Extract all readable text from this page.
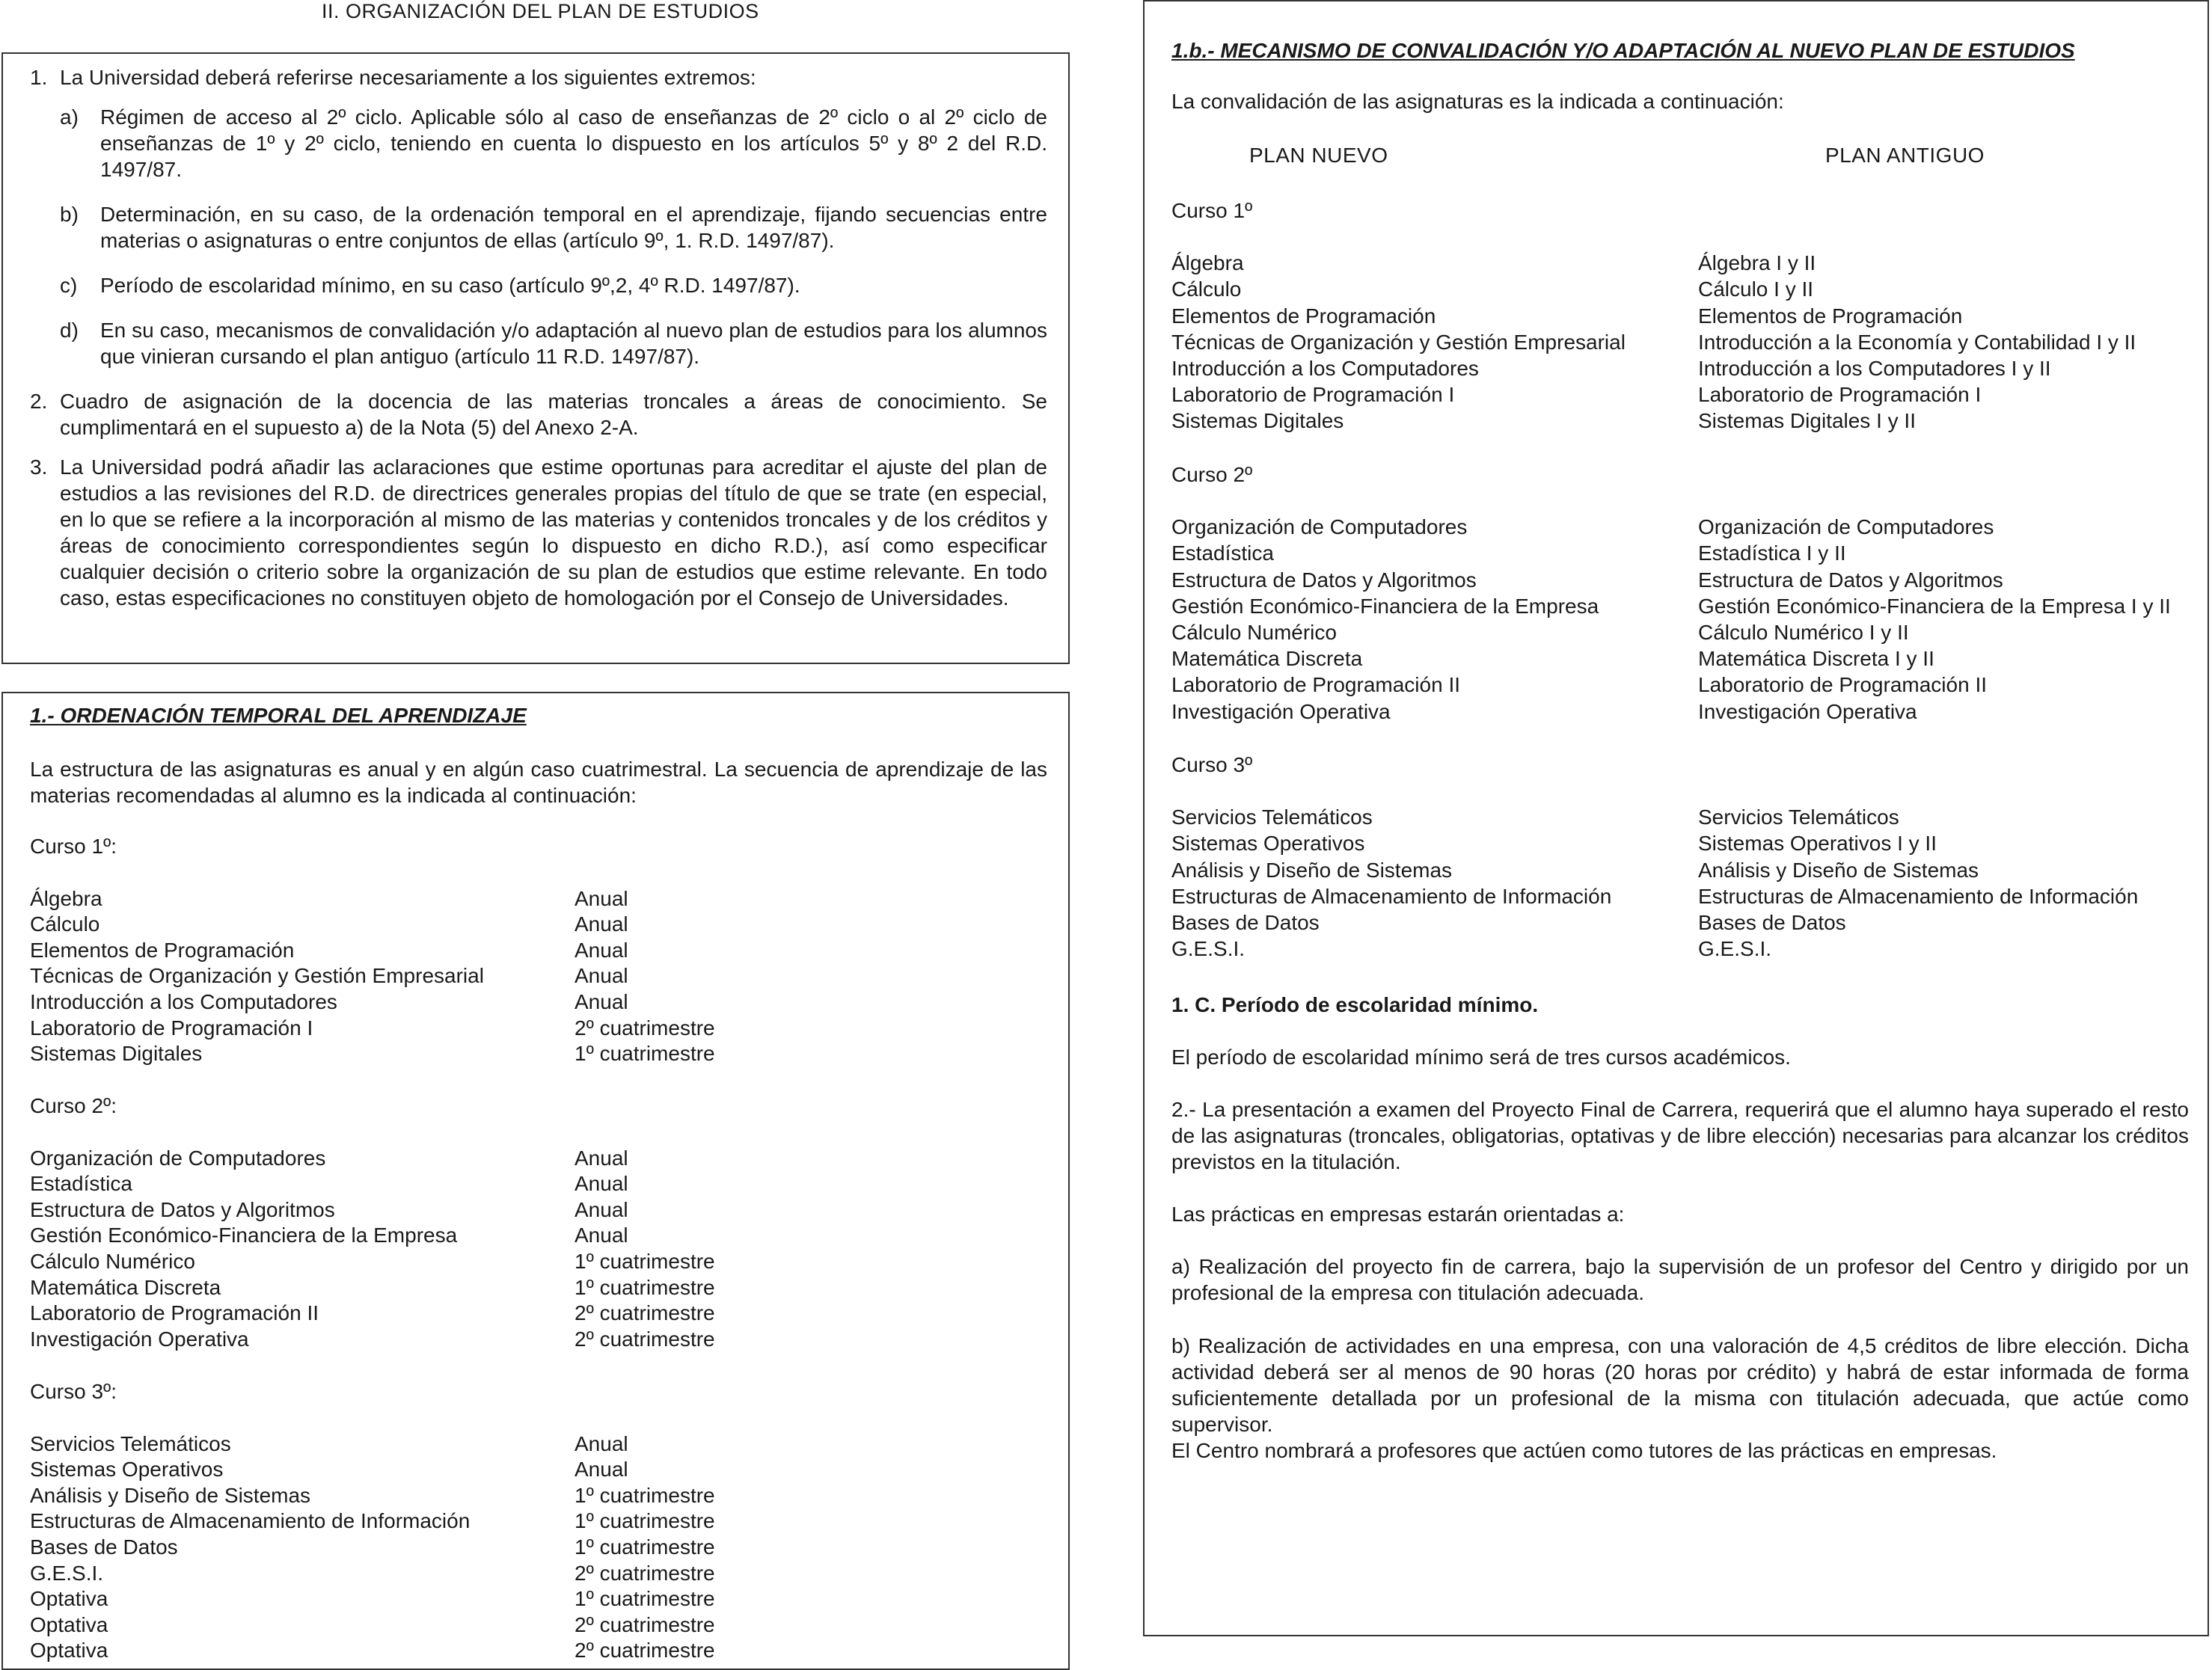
II. ORGANIZACIÓN DEL PLAN DE ESTUDIOS
1. La Universidad deberá referirse necesariamente a los siguientes extremos:
a) Régimen de acceso al 2º ciclo. Aplicable sólo al caso de enseñanzas de 2º ciclo o al 2º ciclo de enseñanzas de 1º y 2º ciclo, teniendo en cuenta lo dispuesto en los artículos 5º y 8º 2 del R.D. 1497/87.
b) Determinación, en su caso, de la ordenación temporal en el aprendizaje, fijando secuencias entre materias o asignaturas o entre conjuntos de ellas (artículo 9º, 1. R.D. 1497/87).
c) Período de escolaridad mínimo, en su caso (artículo 9º,2, 4º R.D. 1497/87).
d) En su caso, mecanismos de convalidación y/o adaptación al nuevo plan de estudios para los alumnos que vinieran cursando el plan antiguo (artículo 11 R.D. 1497/87).
2. Cuadro de asignación de la docencia de las materias troncales a áreas de conocimiento. Se cumplimentará en el supuesto a) de la Nota (5) del Anexo 2-A.
3. La Universidad podrá añadir las aclaraciones que estime oportunas para acreditar el ajuste del plan de estudios a las revisiones del R.D. de directrices generales propias del título de que se trate (en especial, en lo que se refiere a la incorporación al mismo de las materias y contenidos troncales y de los créditos y áreas de conocimiento correspondientes según lo dispuesto en dicho R.D.), así como especificar cualquier decisión o criterio sobre la organización de su plan de estudios que estime relevante. En todo caso, estas especificaciones no constituyen objeto de homologación por el Consejo de Universidades.
1.- ORDENACIÓN TEMPORAL DEL APRENDIZAJE
La estructura de las asignaturas es anual y en algún caso cuatrimestral. La secuencia de aprendizaje de las materias recomendadas al alumno es la indicada al continuación:
Curso 1º:
Álgebra	Anual
Cálculo	Anual
Elementos de Programación	Anual
Técnicas de Organización y Gestión Empresarial	Anual
Introducción a los Computadores	Anual
Laboratorio de Programación I	2º cuatrimestre
Sistemas Digitales	1º cuatrimestre
Curso 2º:
Organización de Computadores	Anual
Estadística	Anual
Estructura de Datos y Algoritmos	Anual
Gestión Económico-Financiera de la Empresa	Anual
Cálculo Numérico	1º cuatrimestre
Matemática Discreta	1º cuatrimestre
Laboratorio de Programación II	2º cuatrimestre
Investigación Operativa	2º cuatrimestre
Curso 3º:
Servicios Telemáticos	Anual
Sistemas Operativos	Anual
Análisis y Diseño de Sistemas	1º cuatrimestre
Estructuras de Almacenamiento de Información	1º cuatrimestre
Bases de Datos	1º cuatrimestre
G.E.S.I.	2º cuatrimestre
Optativa	1º cuatrimestre
Optativa	2º cuatrimestre
Optativa	2º cuatrimestre
1.b.- MECANISMO DE CONVALIDACIÓN Y/O ADAPTACIÓN AL NUEVO PLAN DE ESTUDIOS
La convalidación de las asignaturas es la indicada a continuación:
PLAN NUEVO	PLAN ANTIGUO
Curso 1º
Álgebra	Álgebra I y II
Cálculo	Cálculo I y II
Elementos de Programación	Elementos de Programación
Técnicas de Organización y Gestión Empresarial	Introducción a la Economía y Contabilidad I y II
Introducción a los Computadores	Introducción a los Computadores I y II
Laboratorio de Programación I	Laboratorio de Programación I
Sistemas Digitales	Sistemas Digitales I y II
Curso 2º
Organización de Computadores	Organización de Computadores
Estadística	Estadística I y II
Estructura de Datos y Algoritmos	Estructura de Datos y Algoritmos
Gestión Económico-Financiera de la Empresa	Gestión Económico-Financiera de la Empresa I y II
Cálculo Numérico	Cálculo Numérico I y II
Matemática Discreta	Matemática Discreta I y II
Laboratorio de Programación II	Laboratorio de Programación II
Investigación Operativa	Investigación Operativa
Curso 3º
Servicios Telemáticos	Servicios Telemáticos
Sistemas Operativos	Sistemas Operativos I y II
Análisis y Diseño de Sistemas	Análisis y Diseño de Sistemas
Estructuras de Almacenamiento de Información	Estructuras de Almacenamiento de Información
Bases de Datos	Bases de Datos
G.E.S.I.	G.E.S.I.
1. C. Período de escolaridad mínimo.
El período de escolaridad mínimo será de tres cursos académicos.
2.- La presentación a examen del Proyecto Final de Carrera, requerirá que el alumno haya superado el resto de las asignaturas (troncales, obligatorias, optativas y de libre elección) necesarias para alcanzar los créditos previstos en la titulación.
Las prácticas en empresas estarán orientadas a:
a) Realización del proyecto fin de carrera, bajo la supervisión de un profesor del Centro y dirigido por un profesional de la empresa con titulación adecuada.
b) Realización de actividades en una empresa, con una valoración de 4,5 créditos de libre elección. Dicha actividad deberá ser al menos de 90 horas (20 horas por crédito) y habrá de estar informada de forma suficientemente detallada por un profesional de la misma con titulación adecuada, que actúe como supervisor.
El Centro nombrará a profesores que actúen como tutores de las prácticas en empresas.
